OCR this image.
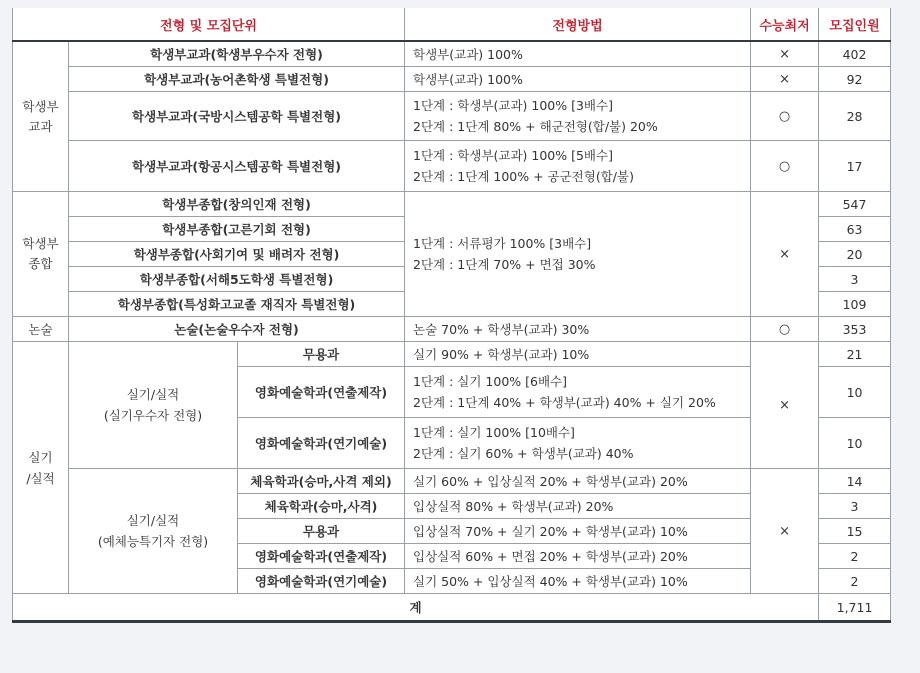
전형 및 모집단위			전형방법	수능최저	모집인원
학생부
교과	학생부교과(학생부우수자 전형)		학생부(교과) 100%	×	402
	학생부교과(농어촌학생 특별전형)		학생부(교과) 100%	×	92
	학생부교과(국방시스템공학 특별전형)		1단계 : 학생부(교과) 100% [3배수]
2단계 : 1단계 80% + 해군전형(합/불) 20%	○	28
	학생부교과(항공시스템공학 특별전형)		1단계 : 학생부(교과) 100% [5배수]
2단계 : 1단계 100% + 공군전형(합/불)	○	17
학생부
종합	학생부종합(창의인재 전형)		1단계 : 서류평가 100% [3배수]
2단계 : 1단계 70% + 면접 30%	×	547
	학생부종합(고른기회 전형)				63
	학생부종합(사회기여 및 배려자 전형)				20
	학생부종합(서해5도학생 특별전형)				3
	학생부종합(특성화고교졸 재직자 특별전형)				109
논술	논술(논술우수자 전형)		논술 70% + 학생부(교과) 30%	○	353
실기
/실적	실기/실적
(실기우수자 전형)	무용과	실기 90% + 학생부(교과) 10%	×	21
		영화예술학과(연출제작)	1단계 : 실기 100% [6배수]
2단계 : 1단계 40% + 학생부(교과) 40% + 실기 20%		10
		영화예술학과(연기예술)	1단계 : 실기 100% [10배수]
2단계 : 실기 60% + 학생부(교과) 40%		10
	실기/실적
(예체능특기자 전형)	체육학과(승마,사격 제외)	실기 60% + 입상실적 20% + 학생부(교과) 20%	×	14
		체육학과(승마,사격)	입상실적 80% + 학생부(교과) 20%		3
		무용과	입상실적 70% + 실기 20% + 학생부(교과) 10%		15
		영화예술학과(연출제작)	입상실적 60% + 면접 20% + 학생부(교과) 20%		2
		영화예술학과(연기예술)	실기 50% + 입상실적 40% + 학생부(교과) 10%		2
계					1,711
